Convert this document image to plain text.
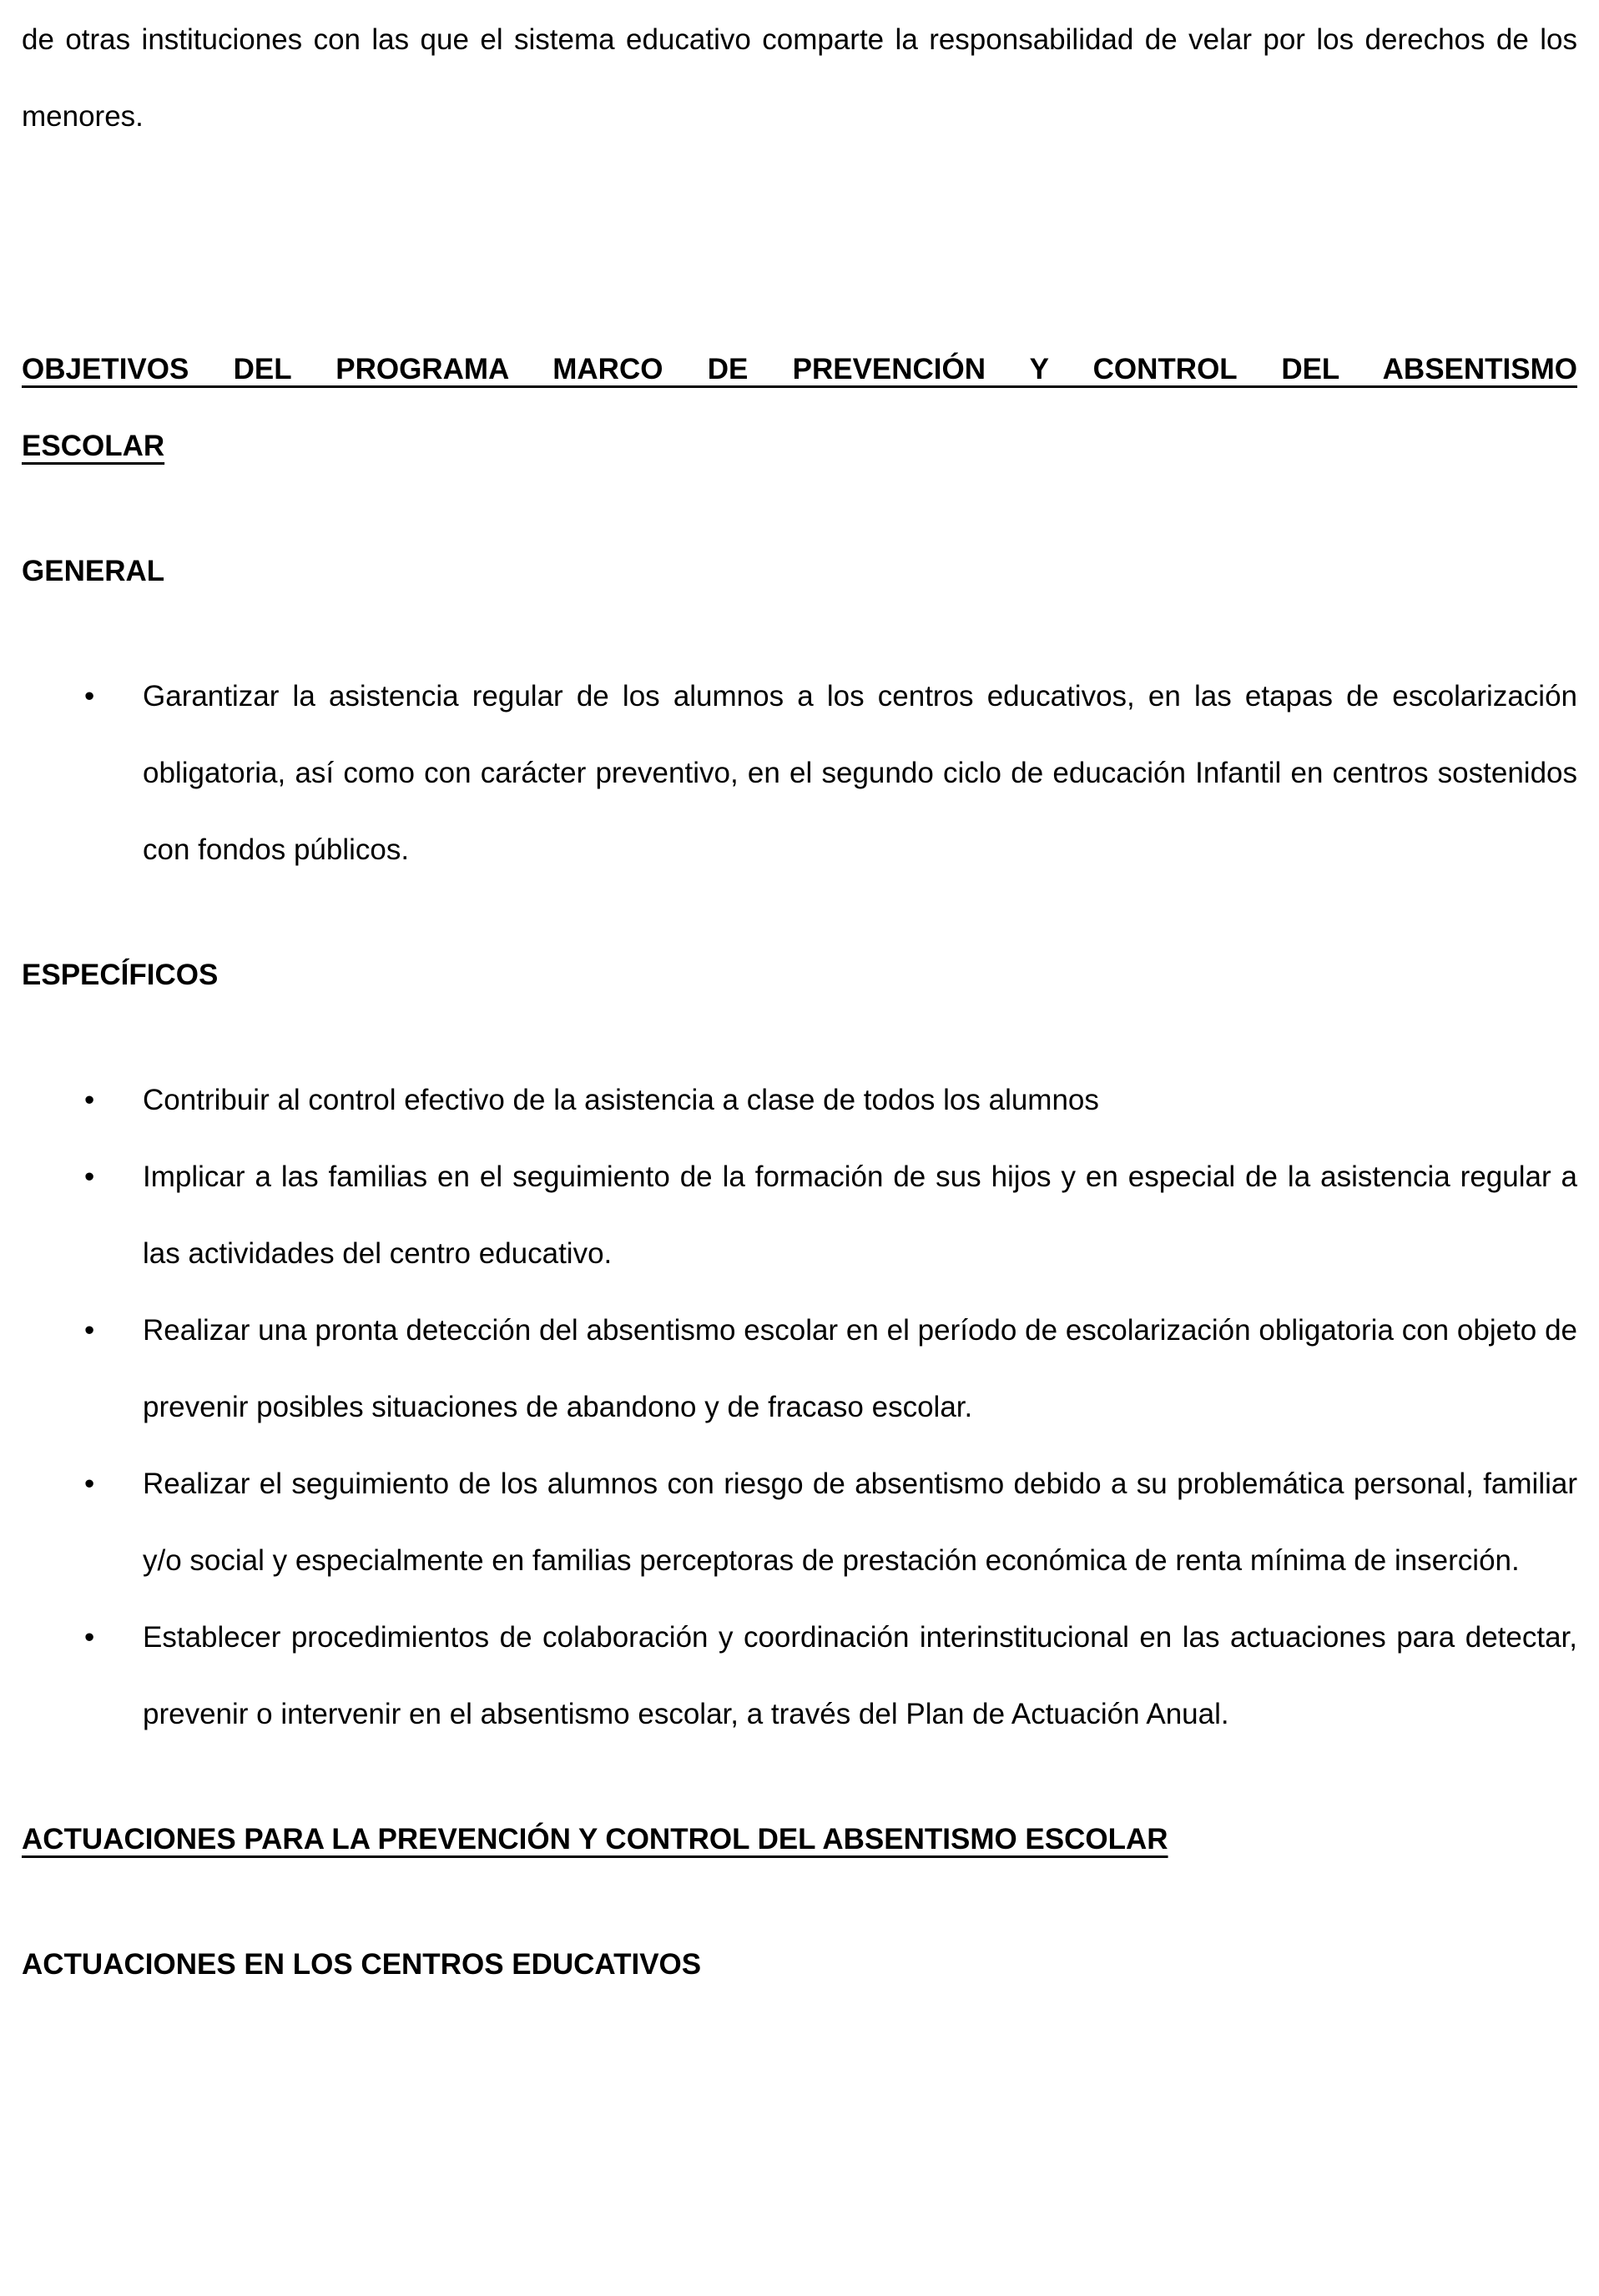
de otras instituciones con las que el sistema educativo comparte la responsabilidad de velar por los derechos de los menores.

OBJETIVOS DEL PROGRAMA MARCO DE PREVENCIÓN Y CONTROL DEL ABSENTISMO
ESCOLAR
GENERAL
•	Garantizar la asistencia regular de los alumnos a los centros educativos, en las etapas de escolarización obligatoria, así como con carácter preventivo, en el segundo ciclo de educación Infantil en centros sostenidos con fondos públicos.
ESPECÍFICOS
•	Contribuir al control efectivo de la asistencia a clase de todos los alumnos
•	Implicar a las familias en el seguimiento de la formación de sus hijos y en especial de la asistencia regular a las actividades del centro educativo.
•	Realizar una pronta detección del absentismo escolar en el período de escolarización obligatoria con objeto de prevenir posibles situaciones de abandono y de fracaso escolar.
•	Realizar el seguimiento de los alumnos con riesgo de absentismo debido a su problemática personal, familiar y/o social y especialmente en familias perceptoras de prestación económica de renta mínima de inserción.
•	Establecer procedimientos de colaboración y coordinación interinstitucional en las actuaciones para detectar, prevenir o intervenir en el absentismo escolar, a través del Plan de Actuación Anual.
ACTUACIONES PARA LA PREVENCIÓN Y CONTROL DEL ABSENTISMO ESCOLAR
ACTUACIONES EN LOS CENTROS EDUCATIVOS
